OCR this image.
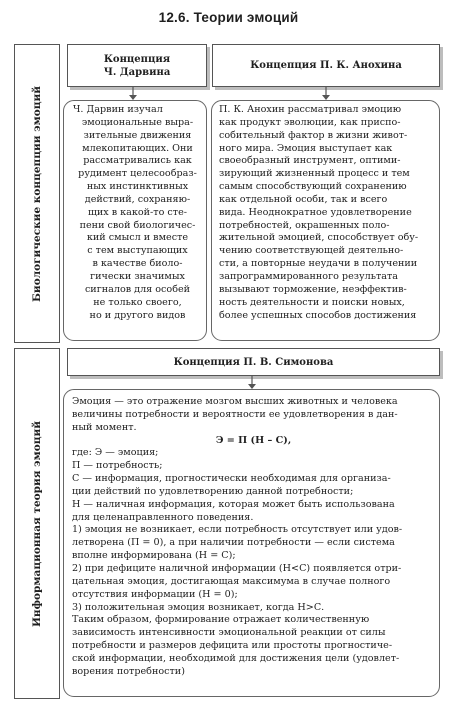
12.6. Теории эмоций
Биологические концепции эмоций
Концепция
Ч. Дарвина
Концепция П. К. Анохина
Ч. Дарвин изучал
эмоциональные выра-
зительные движения
млекопитающих. Они
рассматривались как
рудимент целесообраз-
ных инстинктивных
действий, сохраняю-
щих в какой-то сте-
пени свой биологичес-
кий смысл и вместе
с тем выступающих
в качестве биоло-
гически значимых
сигналов для особей
не только своего,
но и другого видов
П. К. Анохин рассматривал эмоцию
как продукт эволюции, как приспо-
собительный фактор в жизни живот-
ного мира. Эмоция выступает как
своеобразный инструмент, оптими-
зирующий жизненный процесс и тем
самым способствующий сохранению
как отдельной особи, так и всего
вида. Неоднократное удовлетворение
потребностей, окрашенных поло-
жительной эмоцией, способствует обу-
чению соответствующей деятельно-
сти, а повторные неудачи в получении
запрограммированного результата
вызывают торможение, неэффектив-
ность деятельности и поиски новых,
более успешных способов достижения
Информационная теория эмоций
Концепция П. В. Симонова
Эмоция — это отражение мозгом высших животных и человека
величины потребности и вероятности ее удовлетворения в дан-
ный момент.
Э = П (Н – С),
где: Э — эмоция;
П — потребность;
С — информация, прогностически необходимая для организа-
ции действий по удовлетворению данной потребности;
Н — наличная информация, которая может быть использована
для целенаправленного поведения.
1) эмоция не возникает, если потребность отсутствует или удов-
летворена (П = 0), а при наличии потребности — если система
вполне информирована (Н = С);
2) при дефиците наличной информации (Н<С) появляется отри-
цательная эмоция, достигающая максимума в случае полного
отсутствия информации (Н = 0);
3) положительная эмоция возникает, когда Н>С.
Таким образом, формирование отражает количественную
зависимость интенсивности эмоциональной реакции от силы
потребности и размеров дефицита или простоты прогностиче-
ской информации, необходимой для достижения цели (удовлет-
ворения потребности)
